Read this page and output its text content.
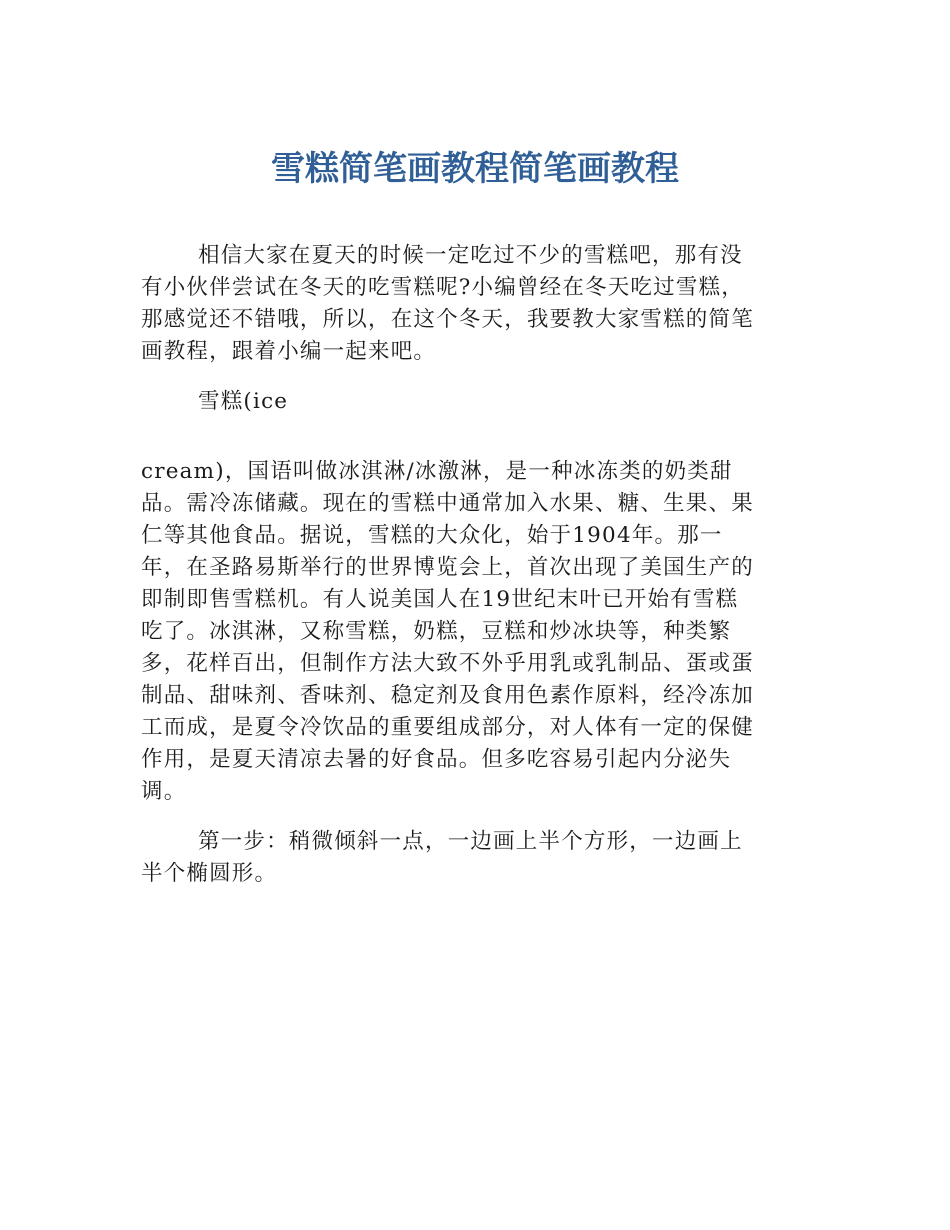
雪糕简笔画教程简笔画教程
相信大家在夏天的时候一定吃过不少的雪糕吧，那有没
有小伙伴尝试在冬天的吃雪糕呢?小编曾经在冬天吃过雪糕，
那感觉还不错哦，所以，在这个冬天，我要教大家雪糕的简笔
画教程，跟着小编一起来吧。
雪糕(ice
cream)，国语叫做冰淇淋/冰激淋，是一种冰冻类的奶类甜
品。需冷冻储藏。现在的雪糕中通常加入水果、糖、生果、果
仁等其他食品。据说，雪糕的大众化，始于1904年。那一
年，在圣路易斯举行的世界博览会上，首次出现了美国生产的
即制即售雪糕机。有人说美国人在19世纪末叶已开始有雪糕
吃了。冰淇淋，又称雪糕，奶糕，豆糕和炒冰块等，种类繁
多，花样百出，但制作方法大致不外乎用乳或乳制品、蛋或蛋
制品、甜味剂、香味剂、稳定剂及食用色素作原料，经冷冻加
工而成，是夏令冷饮品的重要组成部分，对人体有一定的保健
作用，是夏天清凉去暑的好食品。但多吃容易引起内分泌失
调。
第一步：稍微倾斜一点，一边画上半个方形，一边画上
半个椭圆形。
